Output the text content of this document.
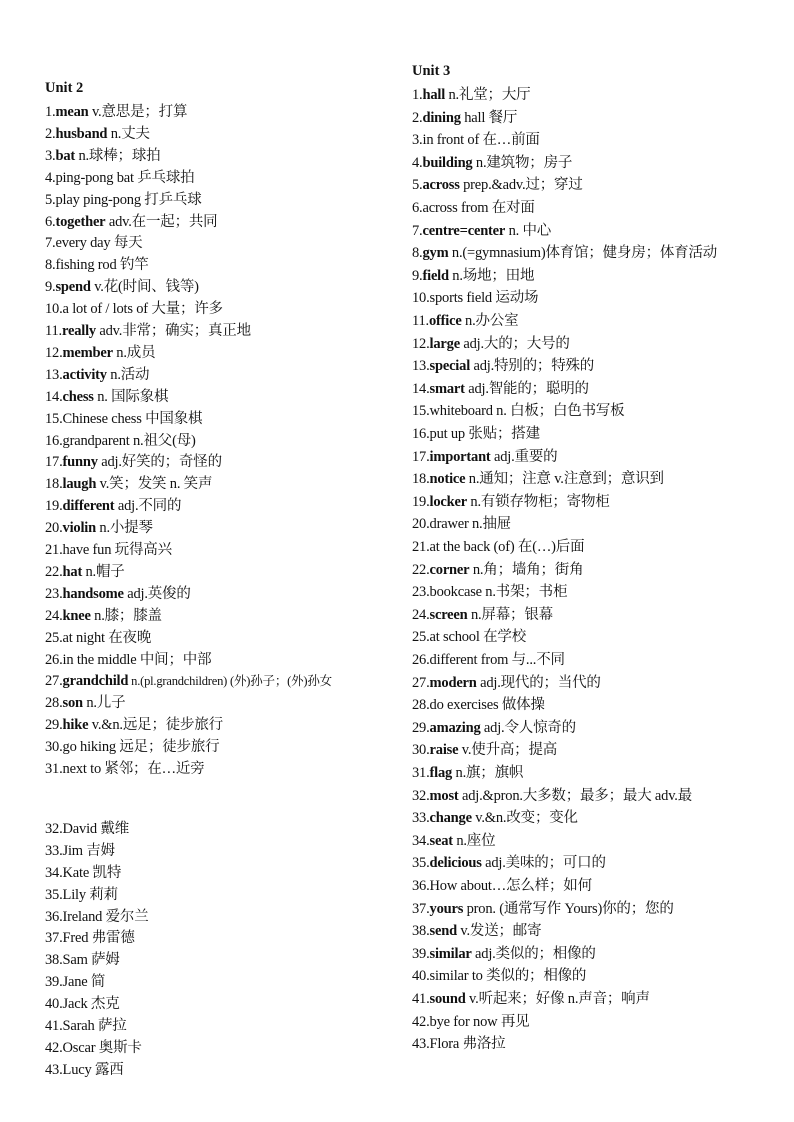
Unit 2
1.mean v.意思是；打算
2.husband n.丈夫
3.bat n.球棒；球拍
4.ping-pong bat 乒乓球拍
5.play ping-pong 打乒乓球
6.together adv.在一起；共同
7.every day 每天
8.fishing rod 钓竿
9.spend v.花(时间、钱等)
10.a lot of / lots of 大量；许多
11.really adv.非常；确实；真正地
12.member n.成员
13.activity n.活动
14.chess n. 国际象棋
15.Chinese chess 中国象棋
16.grandparent n.祖父(母)
17.funny adj.好笑的；奇怪的
18.laugh v.笑；发笑 n. 笑声
19.different adj.不同的
20.violin n.小提琴
21.have fun 玩得高兴
22.hat n.帽子
23.handsome adj.英俊的
24.knee n.膝；膝盖
25.at night 在夜晚
26.in the middle 中间；中部
27.grandchild n.(pl.grandchildren) (外)孙子；(外)孙女
28.son n.儿子
29.hike v.&n.远足；徒步旅行
30.go hiking 远足；徒步旅行
31.next to 紧邻；在…近旁
32.David 戴维
33.Jim 吉姆
34.Kate 凯特
35.Lily 莉莉
36.Ireland 爱尔兰
37.Fred 弗雷德
38.Sam 萨姆
39.Jane 简
40.Jack 杰克
41.Sarah 萨拉
42.Oscar 奥斯卡
43.Lucy 露西
Unit 3
1.hall n.礼堂；大厅
2.dining hall 餐厅
3.in front of 在…前面
4.building n.建筑物；房子
5.across prep.&adv.过；穿过
6.across from 在对面
7.centre=center n. 中心
8.gym n.(=gymnasium)体育馆；健身房；体育活动
9.field n.场地；田地
10.sports field 运动场
11.office n.办公室
12.large adj.大的；大号的
13.special adj.特别的；特殊的
14.smart adj.智能的；聪明的
15.whiteboard n. 白板；白色书写板
16.put up 张贴；搭建
17.important adj.重要的
18.notice n.通知；注意 v.注意到；意识到
19.locker n.有锁存物柜；寄物柜
20.drawer n.抽屉
21.at the back (of) 在(…)后面
22.corner n.角；墙角；街角
23.bookcase n.书架；书柜
24.screen n.屏幕；银幕
25.at school 在学校
26.different from 与...不同
27.modern adj.现代的；当代的
28.do exercises 做体操
29.amazing adj.令人惊奇的
30.raise v.使升高；提高
31.flag n.旗；旗帜
32.most adj.&pron.大多数；最多；最大 adv.最
33.change v.&n.改变；变化
34.seat n.座位
35.delicious adj.美味的；可口的
36.How about…怎么样；如何
37.yours pron. (通常写作 Yours)你的；您的
38.send v.发送；邮寄
39.similar adj.类似的；相像的
40.similar to 类似的；相像的
41.sound v.听起来；好像 n.声音；响声
42.bye for now 再见
43.Flora 弗洛拉
